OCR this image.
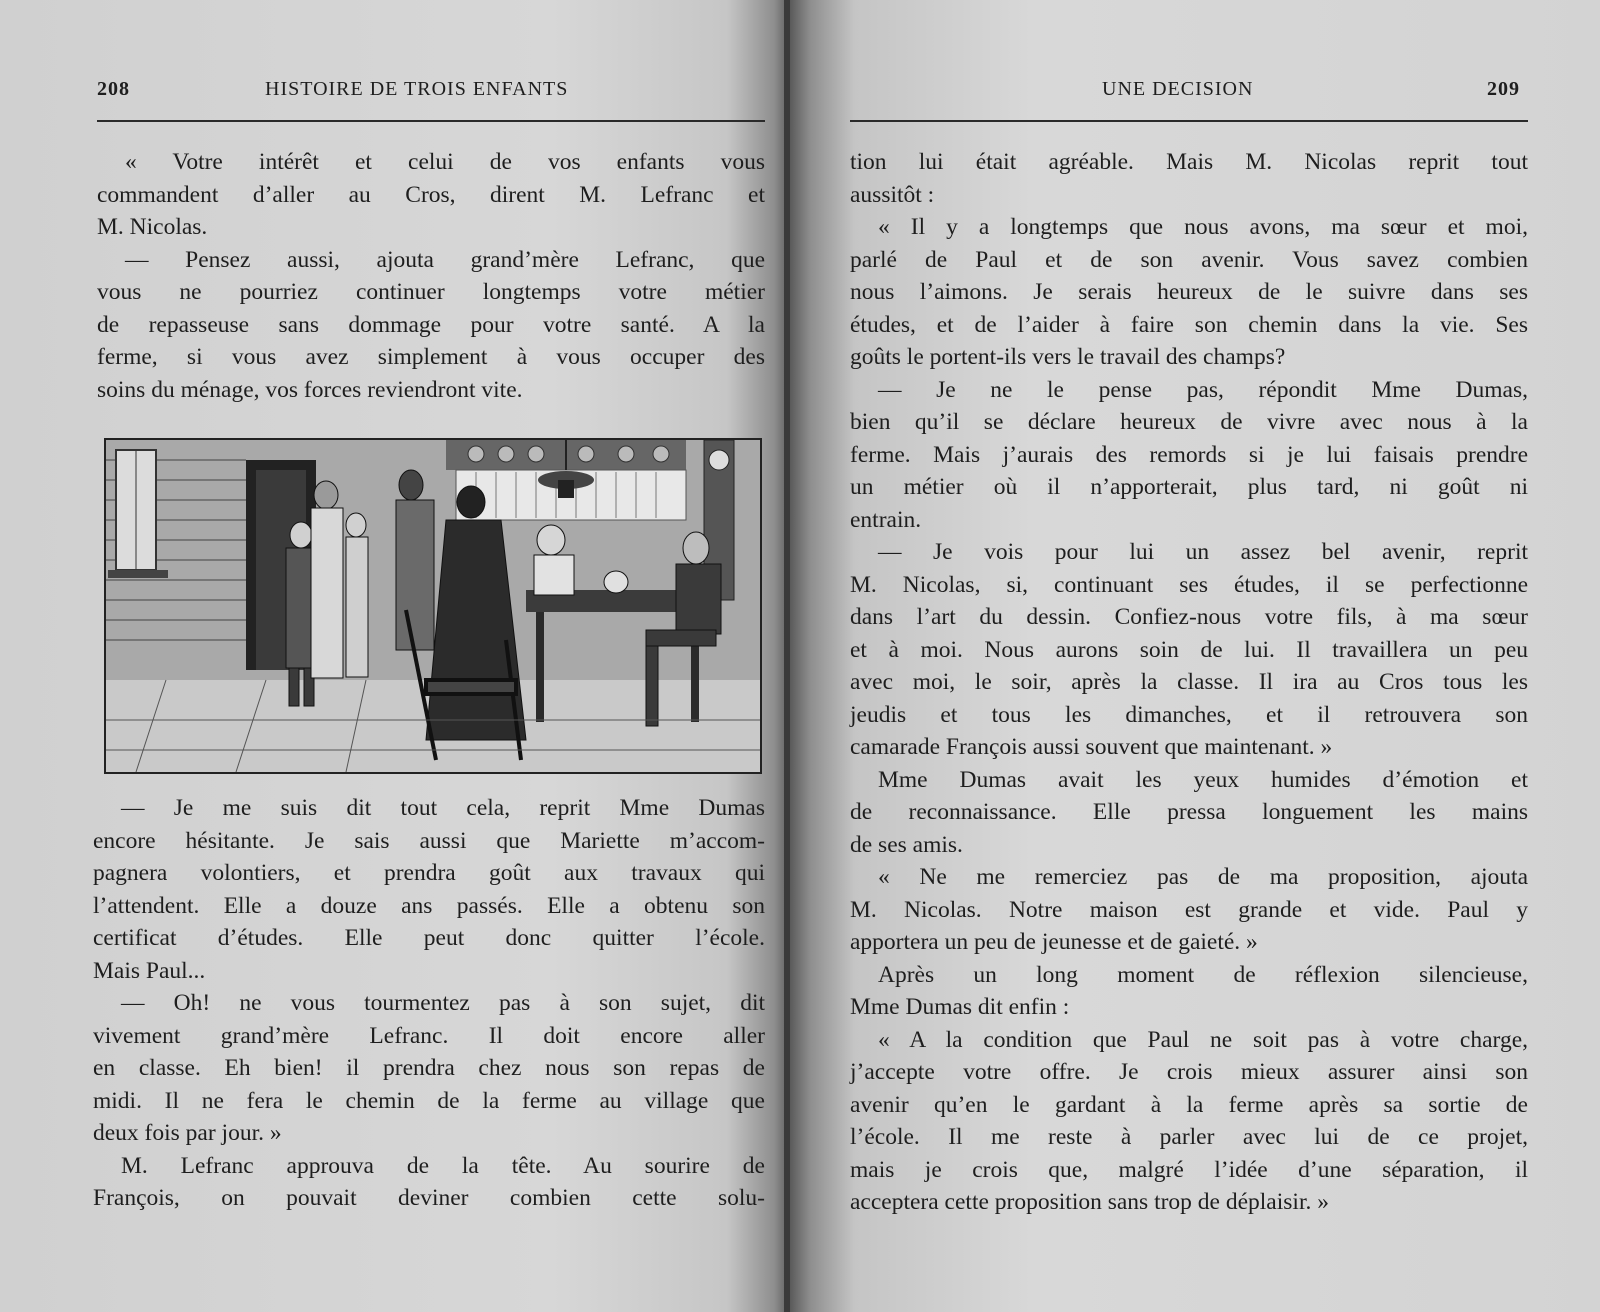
208	HISTOIRE DE TROIS ENFANTS
« Votre intérêt et celui de vos enfants vous
commandent d’aller au Cros, dirent M. Lefranc et
M. Nicolas.
— Pensez aussi, ajouta grand’mère Lefranc, que
vous ne pourriez continuer longtemps votre métier
de repasseuse sans dommage pour votre santé. A la
ferme, si vous avez simplement à vous occuper des
soins du ménage, vos forces reviendront vite.
— Je me suis dit tout cela, reprit Mme Dumas
encore hésitante. Je sais aussi que Mariette m’accom-
pagnera volontiers, et prendra goût aux travaux qui
l’attendent. Elle a douze ans passés. Elle a obtenu son
certificat d’études. Elle peut donc quitter l’école.
Mais Paul...
— Oh! ne vous tourmentez pas à son sujet, dit
vivement grand’mère Lefranc. Il doit encore aller
en classe. Eh bien! il prendra chez nous son repas de
midi. Il ne fera le chemin de la ferme au village que
deux fois par jour. »
M. Lefranc approuva de la tête. Au sourire de
François, on pouvait deviner combien cette solu-
UNE DECISION	209
tion lui était agréable. Mais M. Nicolas reprit tout
aussitôt :
« Il y a longtemps que nous avons, ma sœur et moi,
parlé de Paul et de son avenir. Vous savez combien
nous l’aimons. Je serais heureux de le suivre dans ses
études, et de l’aider à faire son chemin dans la vie. Ses
goûts le portent-ils vers le travail des champs?
— Je ne le pense pas, répondit Mme Dumas,
bien qu’il se déclare heureux de vivre avec nous à la
ferme. Mais j’aurais des remords si je lui faisais prendre
un métier où il n’apporterait, plus tard, ni goût ni
entrain.
— Je vois pour lui un assez bel avenir, reprit
M. Nicolas, si, continuant ses études, il se perfectionne
dans l’art du dessin. Confiez-nous votre fils, à ma sœur
et à moi. Nous aurons soin de lui. Il travaillera un peu
avec moi, le soir, après la classe. Il ira au Cros tous les
jeudis et tous les dimanches, et il retrouvera son
camarade François aussi souvent que maintenant. »
Mme Dumas avait les yeux humides d’émotion et
de reconnaissance. Elle pressa longuement les mains
de ses amis.
« Ne me remerciez pas de ma proposition, ajouta
M. Nicolas. Notre maison est grande et vide. Paul y
apportera un peu de jeunesse et de gaieté. »
Après un long moment de réflexion silencieuse,
Mme Dumas dit enfin :
« A la condition que Paul ne soit pas à votre charge,
j’accepte votre offre. Je crois mieux assurer ainsi son
avenir qu’en le gardant à la ferme après sa sortie de
l’école. Il me reste à parler avec lui de ce projet,
mais je crois que, malgré l’idée d’une séparation, il
acceptera cette proposition sans trop de déplaisir. »
